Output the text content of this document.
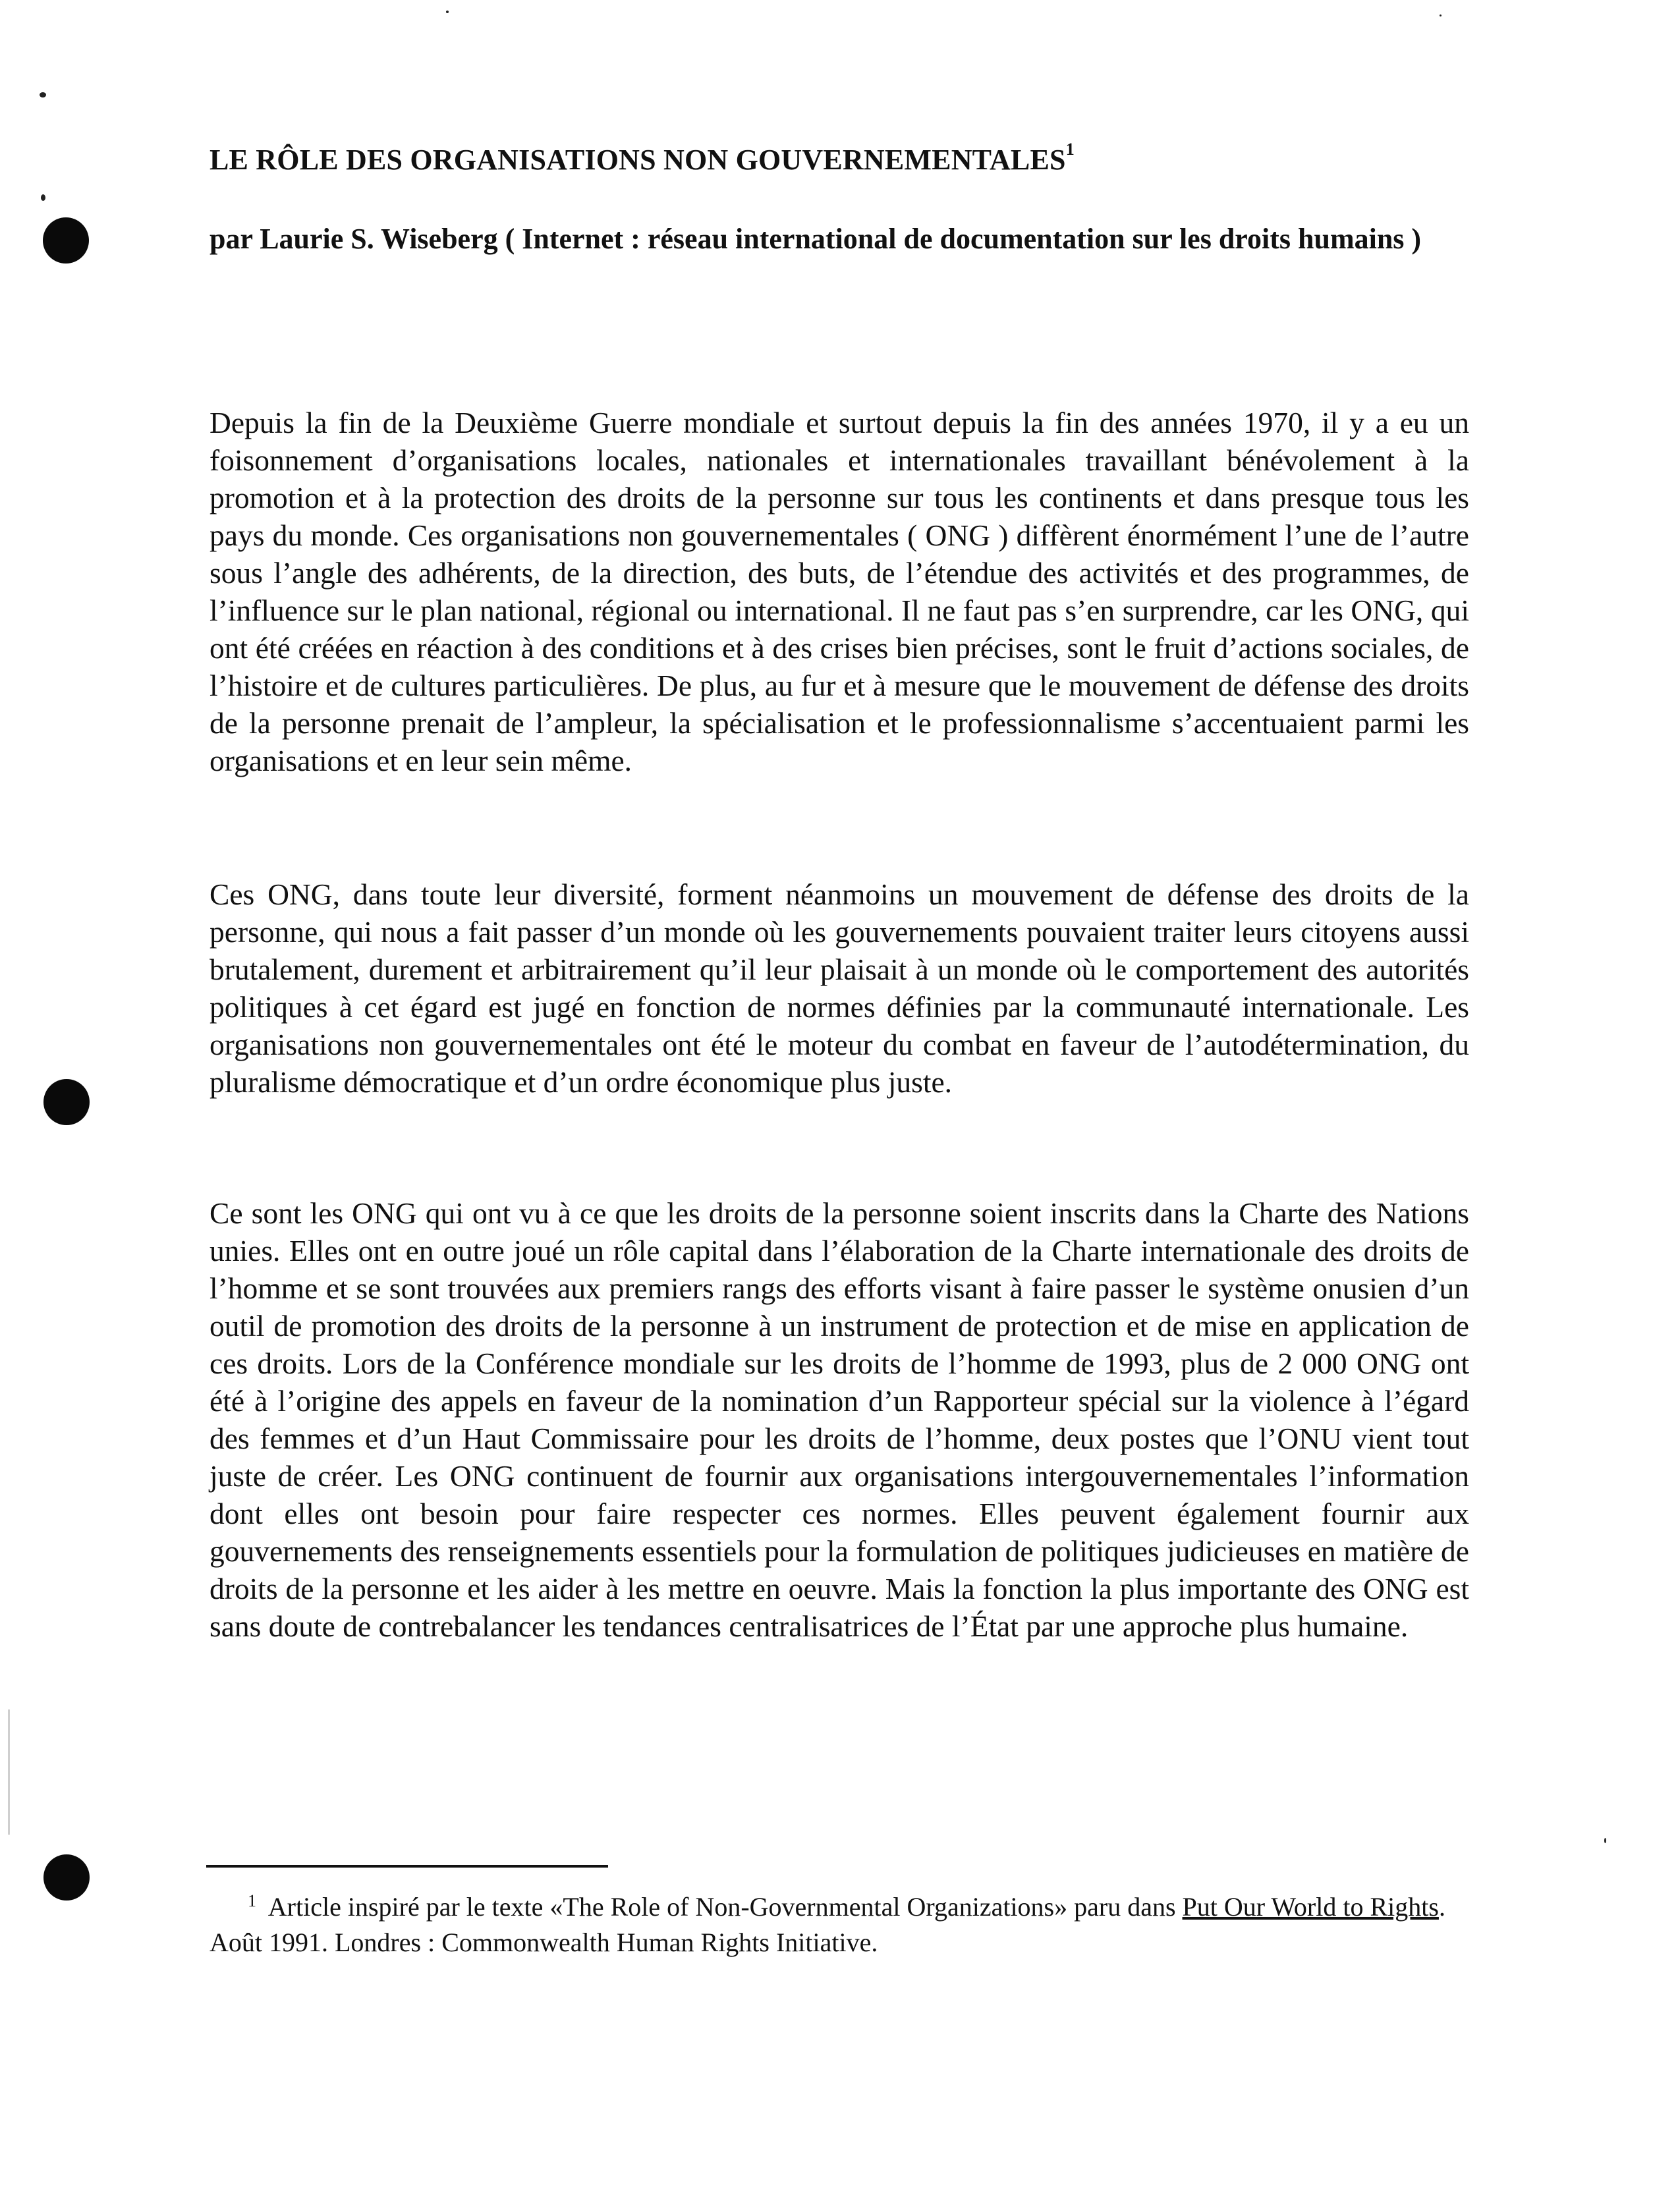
LE RÔLE DES ORGANISATIONS NON GOUVERNEMENTALES$^1$
par Laurie S. Wiseberg ( Internet : réseau international de documentation sur les droits humains )

Depuis la fin de la Deuxième Guerre mondiale et surtout depuis la fin des années 1970, il y a eu un foisonnement d’organisations locales, nationales et internationales travaillant bénévolement à la promotion et à la protection des droits de la personne sur tous les continents et dans presque tous les pays du monde. Ces organisations non gouvernementales ( ONG ) diffèrent énormément l’une de l’autre sous l’angle des adhérents, de la direction, des buts, de l’étendue des activités et des programmes, de l’influence sur le plan national, régional ou international. Il ne faut pas s’en surprendre, car les ONG, qui ont été créées en réaction à des conditions et à des crises bien précises, sont le fruit d’actions sociales, de l’histoire et de cultures particulières. De plus, au fur et à mesure que le mouvement de défense des droits de la personne prenait de l’ampleur, la spécialisation et le professionnalisme s’accentuaient parmi les organisations et en leur sein même.

Ces ONG, dans toute leur diversité, forment néanmoins un mouvement de défense des droits de la personne, qui nous a fait passer d’un monde où les gouvernements pouvaient traiter leurs citoyens aussi brutalement, durement et arbitrairement qu’il leur plaisait à un monde où le comportement des autorités politiques à cet égard est jugé en fonction de normes définies par la communauté internationale. Les organisations non gouvernementales ont été le moteur du combat en faveur de l’autodétermination, du pluralisme démocratique et d’un ordre économique plus juste.

Ce sont les ONG qui ont vu à ce que les droits de la personne soient inscrits dans la Charte des Nations unies. Elles ont en outre joué un rôle capital dans l’élaboration de la Charte internationale des droits de l’homme et se sont trouvées aux premiers rangs des efforts visant à faire passer le système onusien d’un outil de promotion des droits de la personne à un instrument de protection et de mise en application de ces droits. Lors de la Conférence mondiale sur les droits de l’homme de 1993, plus de 2 000 ONG ont été à l’origine des appels en faveur de la nomination d’un Rapporteur spécial sur la violence à l’égard des femmes et d’un Haut Commissaire pour les droits de l’homme, deux postes que l’ONU vient tout juste de créer. Les ONG continuent de fournir aux organisations intergouvernementales l’information dont elles ont besoin pour faire respecter ces normes. Elles peuvent également fournir aux gouvernements des renseignements essentiels pour la formulation de politiques judicieuses en matière de droits de la personne et les aider à les mettre en oeuvre. Mais la fonction la plus importante des ONG est sans doute de contrebalancer les tendances centralisatrices de l’État par une approche plus humaine.

$^1$ Article inspiré par le texte «The Role of Non-Governmental Organizations» paru dans Put Our World to Rights. Août 1991. Londres : Commonwealth Human Rights Initiative.
